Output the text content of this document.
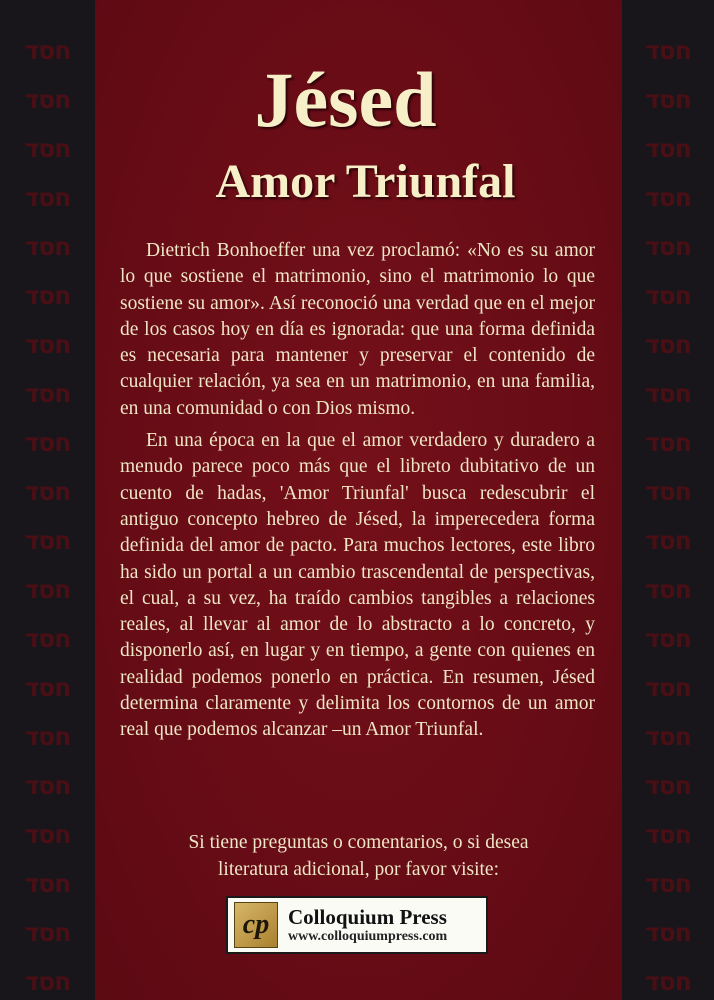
חסד
חסד
חסד
חסד
חסד
חסד
חסד
חסד
חסד
חסד
חסד
חסד
חסד
חסד
חסד
חסד
חסד
חסד
חסד
חסד
חסד
חסד
חסד
חסד
חסד
חסד
חסד
חסד
חסד
חסד
חסד
חסד
חסד
חסד
חסד
חסד
חסד
חסד
חסד
חסד
Jésed
Amor Triunfal

Dietrich Bonhoeffer una vez proclamó: «No es su amor lo que sostiene el matrimonio, sino el matrimonio lo que sostiene su amor». Así reconoció una verdad que en el mejor de los casos hoy en día es ignorada: que una forma definida es necesaria para mantener y preservar el contenido de cualquier relación, ya sea en un matrimonio, en una familia, en una comunidad o con Dios mismo.

En una época en la que el amor verdadero y duradero a menudo parece poco más que el libreto dubitativo de un cuento de hadas, 'Amor Triunfal' busca redescubrir el antiguo concepto hebreo de Jésed, la imperecedera forma definida del amor de pacto. Para muchos lectores, este libro ha sido un portal a un cambio trascendental de perspectivas, el cual, a su vez, ha traído cambios tangibles a relaciones reales, al llevar al amor de lo abstracto a lo concreto, y disponerlo así, en lugar y en tiempo, a gente con quienes en realidad podemos ponerlo en práctica. En resumen, Jésed determina claramente y delimita los contornos de un amor real que podemos alcanzar –un Amor Triunfal.

Si tiene preguntas o comentarios, o si desea
literatura adicional, por favor visite:
cp Colloquium Press
www.colloquiumpress.com
